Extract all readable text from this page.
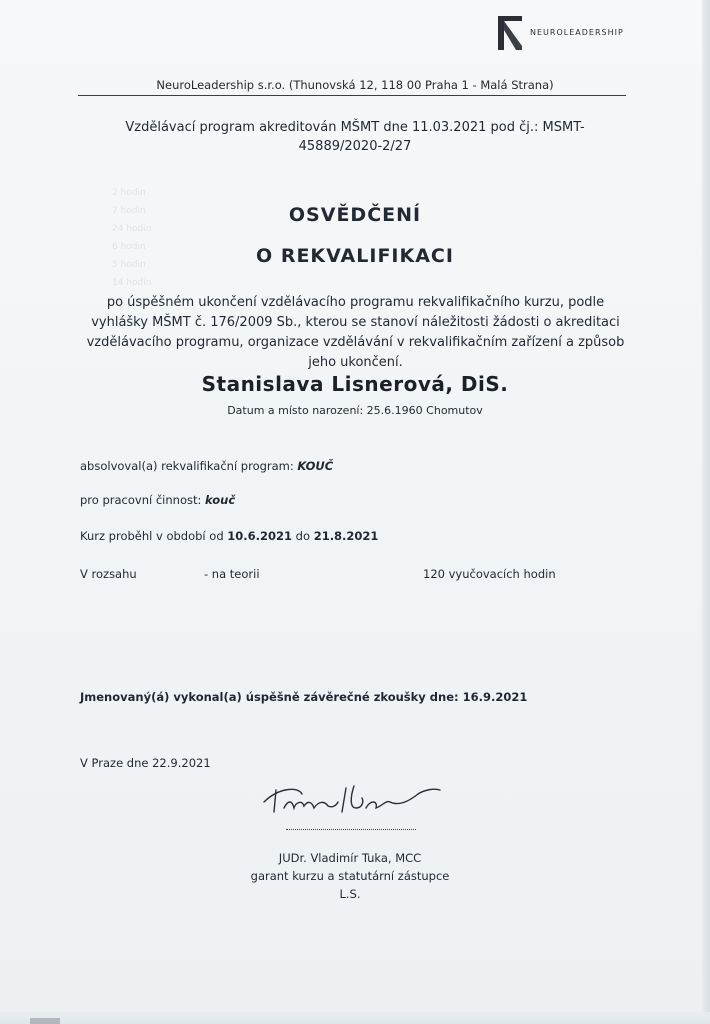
2 hodin
7 hodin
24 hodin
6 hodin
5 hodin
14 hodin
NEUROLEADERSHIP
NeuroLeadership s.r.o. (Thunovská 12, 118 00 Praha 1 - Malá Strana)
Vzdělávací program akreditován MŠMT dne 11.03.2021 pod čj.: MSMT-45889/2020-2/27
OSVĚDČENÍ
O REKVALIFIKACI
po úspěšném ukončení vzdělávacího programu rekvalifikačního kurzu, podle vyhlášky MŠMT č. 176/2009 Sb., kterou se stanoví náležitosti žádosti o akreditaci vzdělávacího programu, organizace vzdělávání v rekvalifikačním zařízení a způsob jeho ukončení.
Stanislava Lisnerová, DiS.
Datum a místo narození: 25.6.1960 Chomutov
absolvoval(a) rekvalifikační program: KOUČ
pro pracovní činnost: kouč
Kurz proběhl v období od 10.6.2021 do 21.8.2021
V rozsahu	- na teorii	120 vyučovacích hodin
Jmenovaný(á) vykonal(a) úspěšně závěrečné zkoušky dne: 16.9.2021
V Praze dne 22.9.2021
JUDr. Vladimír Tuka, MCC
garant kurzu a statutární zástupce
L.S.
